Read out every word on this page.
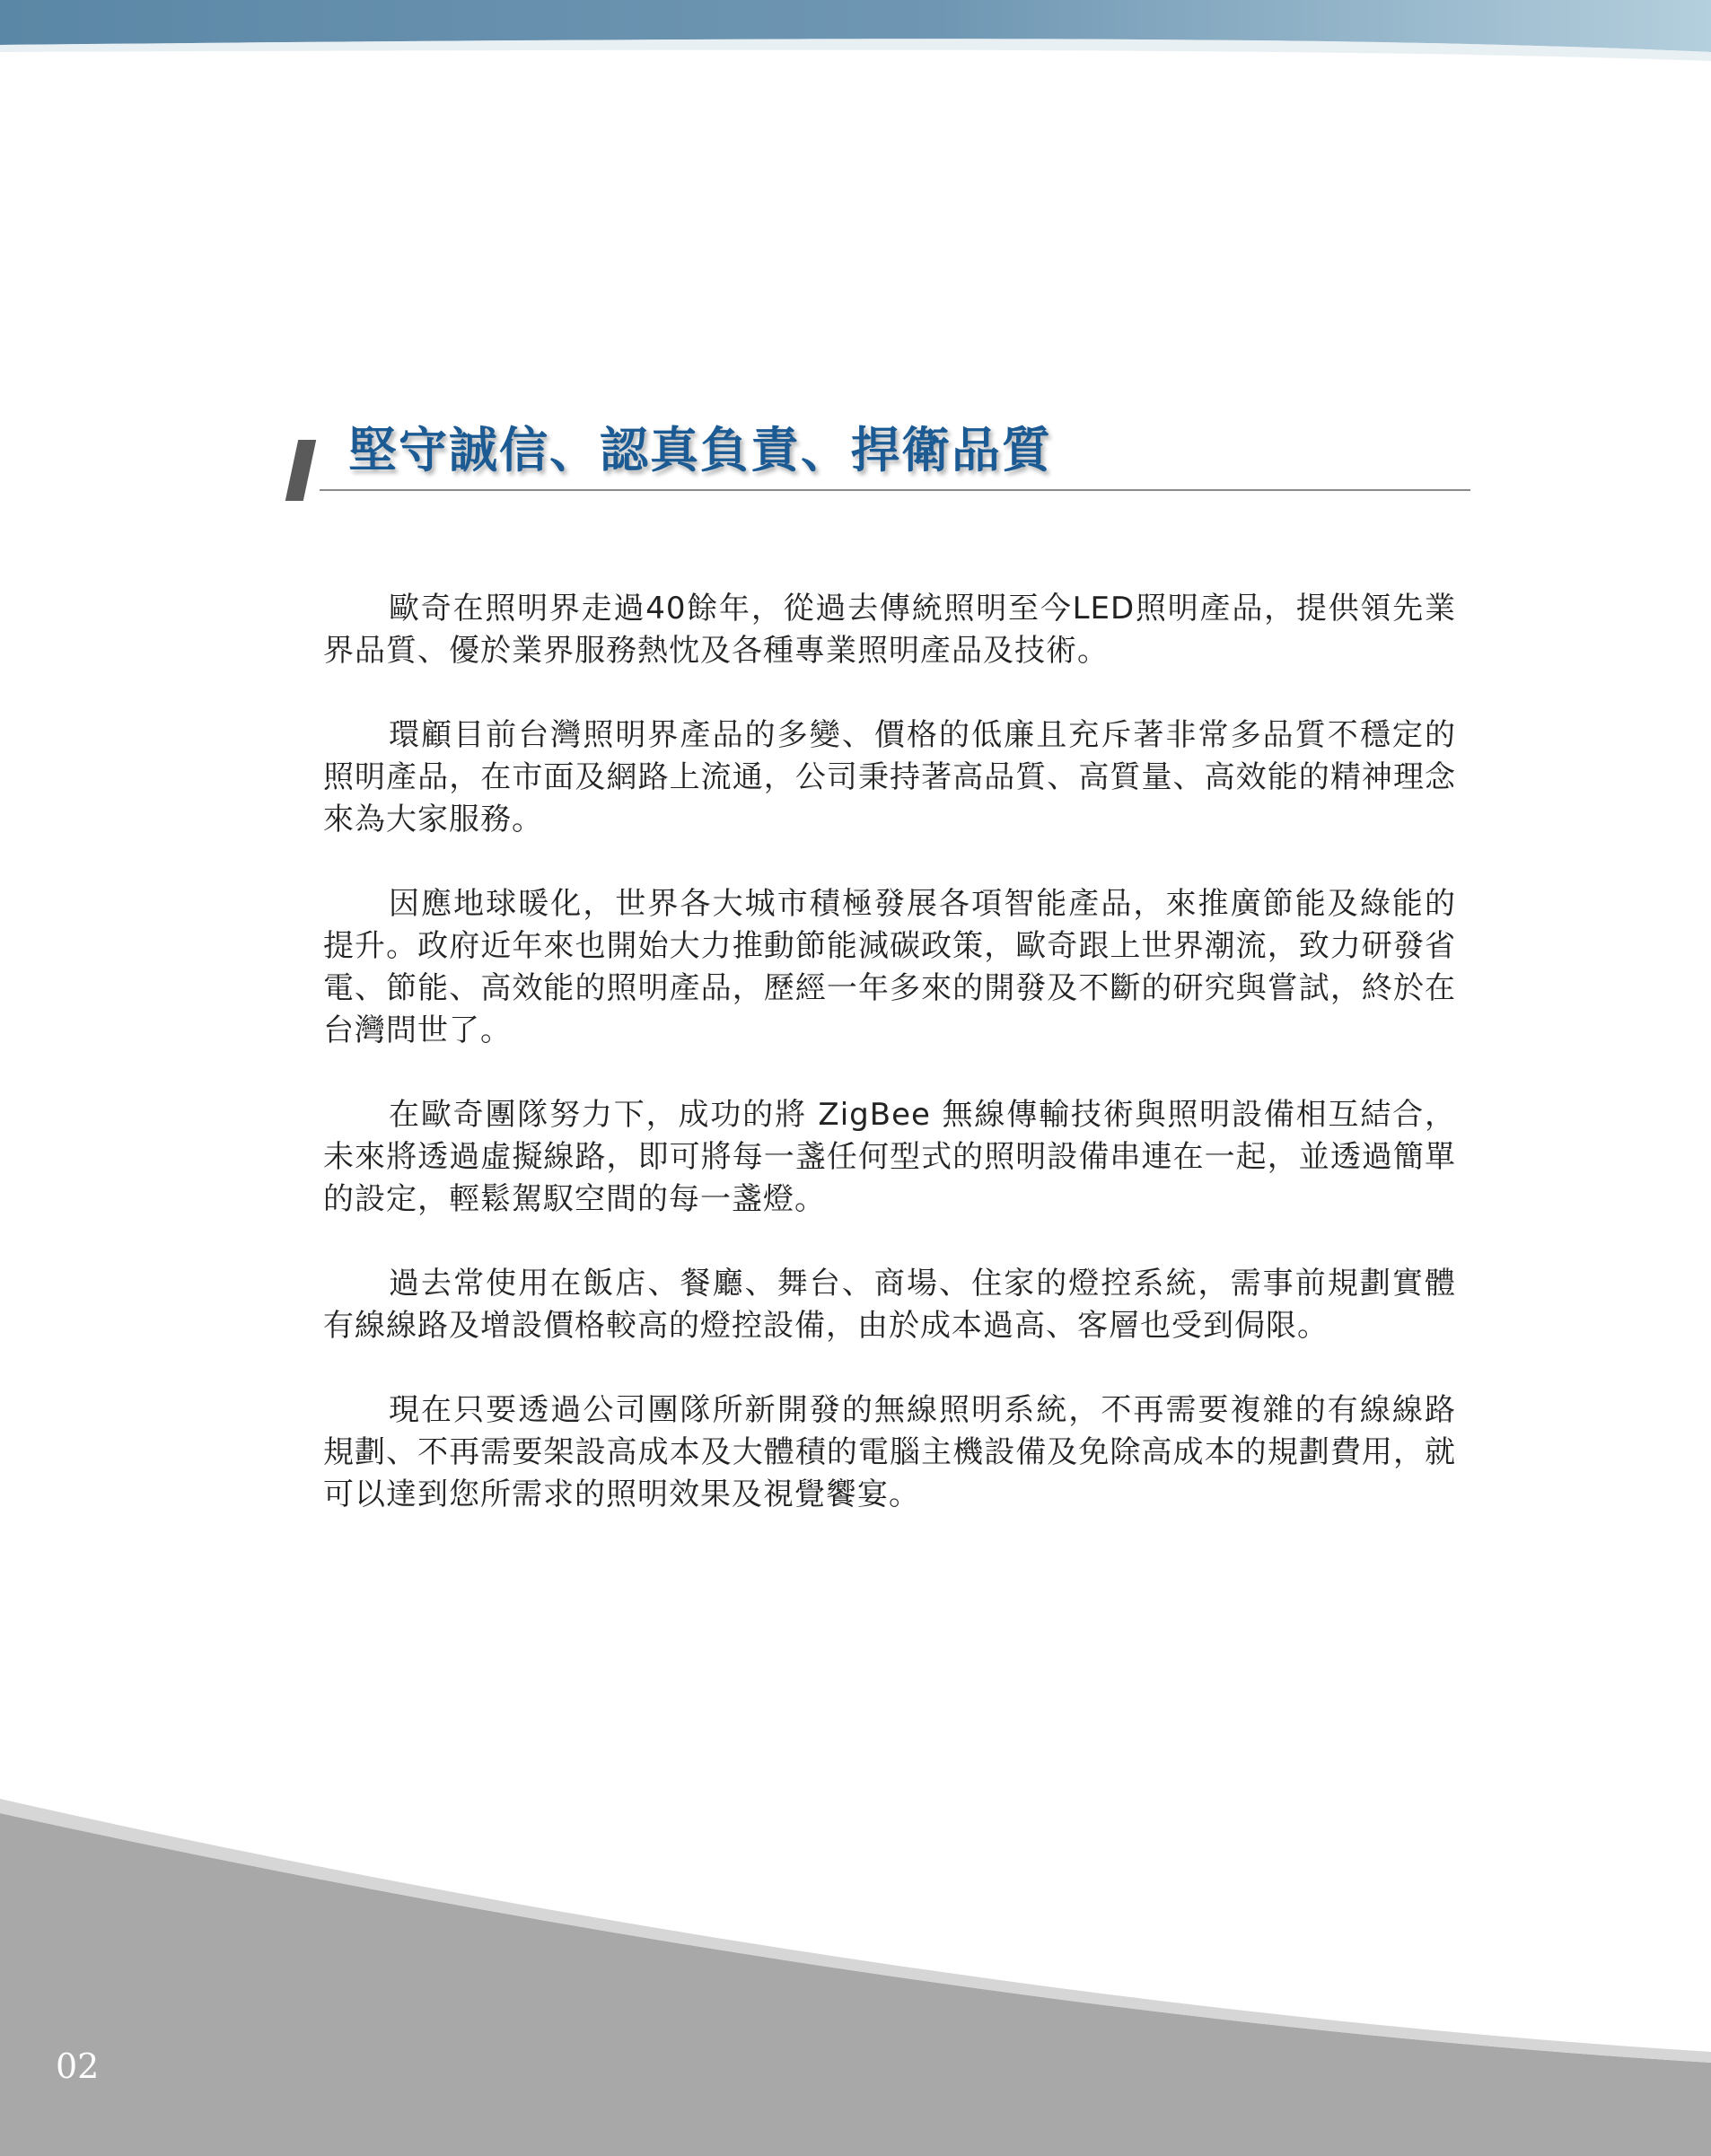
堅守誠信、認真負責、捍衛品質

歐奇在照明界走過40餘年，從過去傳統照明至今LED照明產品，提供領先業界品質、優於業界服務熱忱及各種專業照明產品及技術。

環顧目前台灣照明界產品的多變、價格的低廉且充斥著非常多品質不穩定的照明產品，在市面及網路上流通，公司秉持著高品質、高質量、高效能的精神理念來為大家服務。

因應地球暖化，世界各大城市積極發展各項智能產品，來推廣節能及綠能的提升。政府近年來也開始大力推動節能減碳政策，歐奇跟上世界潮流，致力研發省電、節能、高效能的照明產品，歷經一年多來的開發及不斷的研究與嘗試，終於在台灣問世了。

在歐奇團隊努力下，成功的將 ZigBee 無線傳輸技術與照明設備相互結合，未來將透過虛擬線路，即可將每一盞任何型式的照明設備串連在一起，並透過簡單的設定，輕鬆駕馭空間的每一盞燈。

過去常使用在飯店、餐廳、舞台、商場、住家的燈控系統，需事前規劃實體有線線路及增設價格較高的燈控設備，由於成本過高、客層也受到侷限。

現在只要透過公司團隊所新開發的無線照明系統，不再需要複雜的有線線路規劃、不再需要架設高成本及大體積的電腦主機設備及免除高成本的規劃費用，就可以達到您所需求的照明效果及視覺饗宴。

02
